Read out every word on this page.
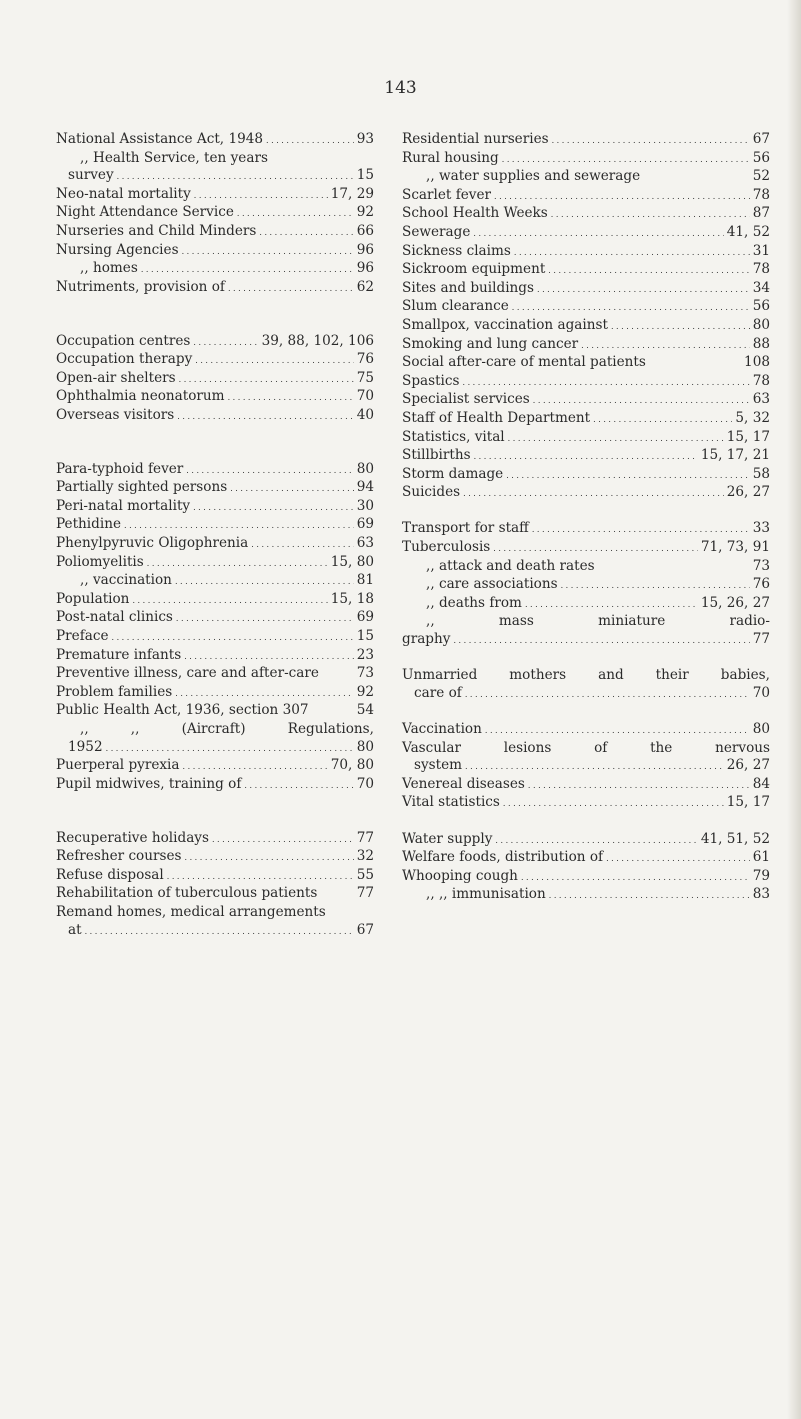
143
National Assistance Act, 1948 . . .	93
,, Health Service, ten years
survey . . .	15
Neo-natal mortality . . .	17, 29
Night Attendance Service . . .	92
Nurseries and Child Minders . . .	66
Nursing Agencies . . .	96
,, homes . . .	96
Nutriments, provision of . . .	62
Occupation centres . . .	39, 88, 102, 106
Occupation therapy . . .	76
Open-air shelters . . .	75
Ophthalmia neonatorum . . .	70
Overseas visitors . . .	40
Para-typhoid fever . . .	80
Partially sighted persons . . .	94
Peri-natal mortality . . .	30
Pethidine . . .	69
Phenylpyruvic Oligophrenia . . .	63
Poliomyelitis . . .	15, 80
,, vaccination . . .	81
Population . . .	15, 18
Post-natal clinics . . .	69
Preface . . .	15
Premature infants . . .	23
Preventive illness, care and after-care	73
Problem families . . .	92
Public Health Act, 1936, section 307	54
,,	,,	(Aircraft)	Regulations,
1952 . . .	80
Puerperal pyrexia . . .	70, 80
Pupil midwives, training of . . .	70
Recuperative holidays . . .	77
Refresher courses . . .	32
Refuse disposal . . .	55
Rehabilitation of tuberculous patients	77
Remand homes, medical arrangements
at . . .	67
Residential nurseries . . .	67
Rural housing . . .	56
,, water supplies and sewerage	52
Scarlet fever . . .	78
School Health Weeks . . .	87
Sewerage . . .	41, 52
Sickness claims . . .	31
Sickroom equipment . . .	78
Sites and buildings . . .	34
Slum clearance . . .	56
Smallpox, vaccination against . . .	80
Smoking and lung cancer . . .	88
Social after-care of mental patients	108
Spastics . . .	78
Specialist services . . .	63
Staff of Health Department . . .	5, 32
Statistics, vital . . .	15, 17
Stillbirths . . .	15, 17, 21
Storm damage . . .	58
Suicides . . .	26, 27
Transport for staff . . .	33
Tuberculosis . . .	71, 73, 91
,, attack and death rates	73
,, care associations . . .	76
,, deaths from . . .	15, 26, 27
,,	mass	miniature	radio-
graphy . . .	77
Unmarried mothers and their babies,
care of . . .	70
Vaccination . . .	80
Vascular	lesions	of	the	nervous
system . . .	26, 27
Venereal diseases . . .	84
Vital statistics . . .	15, 17
Water supply . . .	41, 51, 52
Welfare foods, distribution of . . .	61
Whooping cough . . .	79
,, ,, immunisation . . .	83
